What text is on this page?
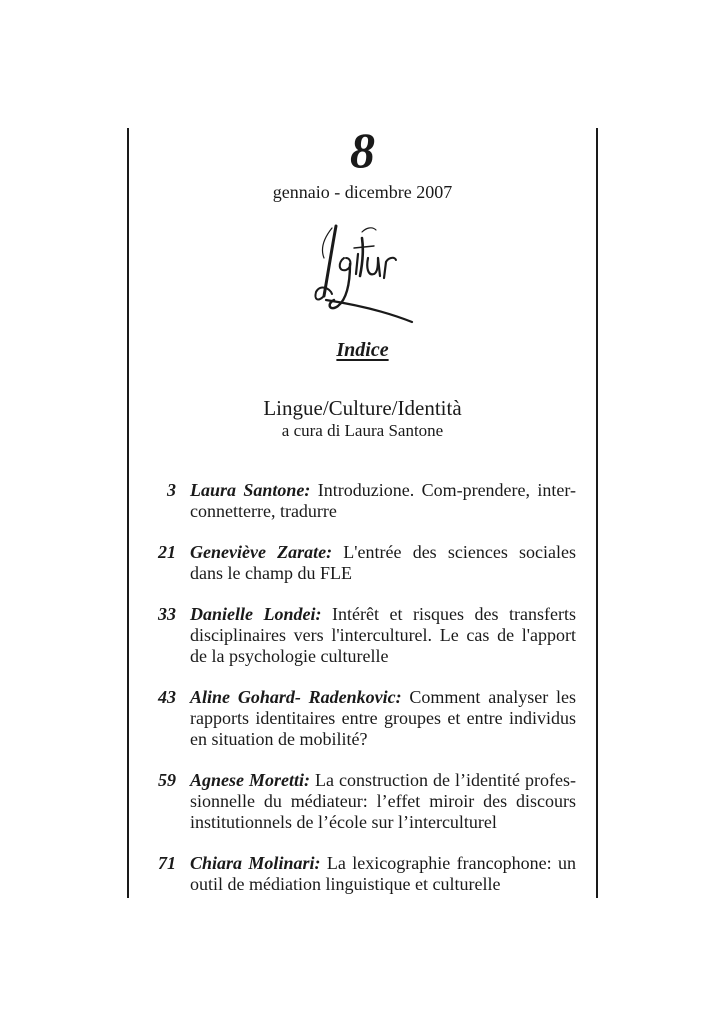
8
gennaio - dicembre 2007
Indice
Lingue/Culture/Identità
a cura di Laura Santone
3 Laura Santone: Introduzione. Com-prendere, inter-connetterre, tradurre
21 Geneviève Zarate: L'entrée des sciences sociales dans le champ du FLE
33 Danielle Londei: Intérêt et risques des transferts disciplinaires vers l'interculturel. Le cas de l'apport de la psychologie culturelle
43 Aline Gohard- Radenkovic: Comment analyser les rapports identitaires entre groupes et entre individus en situation de mobilité?
59 Agnese Moretti: La construction de l’identité profes-sionnelle du médiateur: l’effet miroir des discours institutionnels de l’école sur l’interculturel
71 Chiara Molinari: La lexicographie francophone: un outil de médiation linguistique et culturelle
